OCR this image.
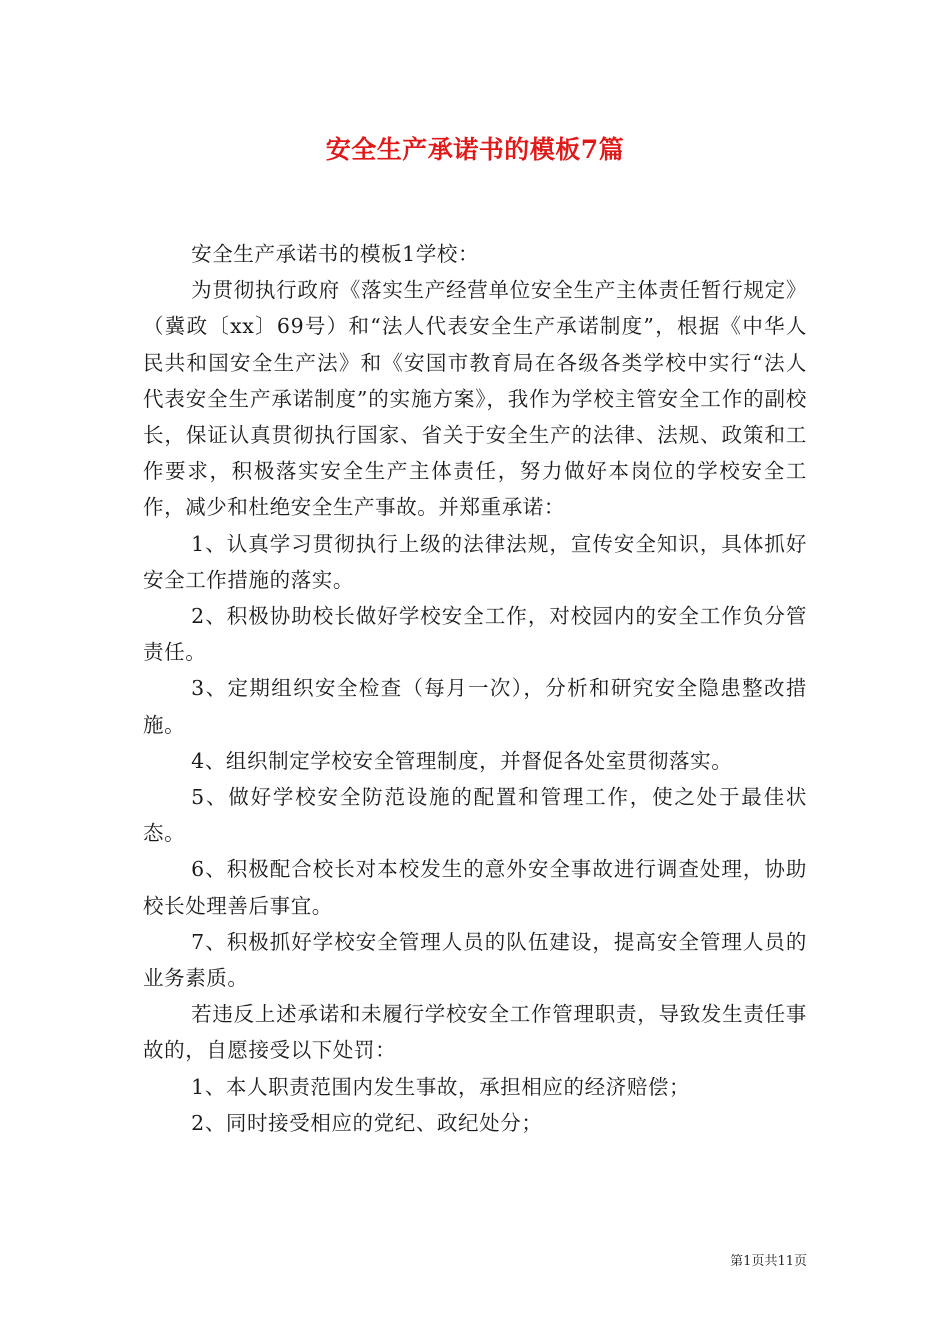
安全生产承诺书的模板7篇

安全生产承诺书的模板1学校：

为贯彻执行政府《落实生产经营单位安全生产主体责任暂行规定》（冀政〔xx〕69号）和“法人代表安全生产承诺制度”，根据《中华人民共和国安全生产法》和《安国市教育局在各级各类学校中实行“法人代表安全生产承诺制度”的实施方案》，我作为学校主管安全工作的副校长，保证认真贯彻执行国家、省关于安全生产的法律、法规、政策和工作要求，积极落实安全生产主体责任，努力做好本岗位的学校安全工作，减少和杜绝安全生产事故。并郑重承诺：

1、认真学习贯彻执行上级的法律法规，宣传安全知识，具体抓好安全工作措施的落实。

2、积极协助校长做好学校安全工作，对校园内的安全工作负分管责任。

3、定期组织安全检查（每月一次），分析和研究安全隐患整改措施。

4、组织制定学校安全管理制度，并督促各处室贯彻落实。

5、做好学校安全防范设施的配置和管理工作，使之处于最佳状态。

6、积极配合校长对本校发生的意外安全事故进行调查处理，协助校长处理善后事宜。

7、积极抓好学校安全管理人员的队伍建设，提高安全管理人员的业务素质。

若违反上述承诺和未履行学校安全工作管理职责，导致发生责任事故的，自愿接受以下处罚：

1、本人职责范围内发生事故，承担相应的经济赔偿；

2、同时接受相应的党纪、政纪处分；

第1页共11页
